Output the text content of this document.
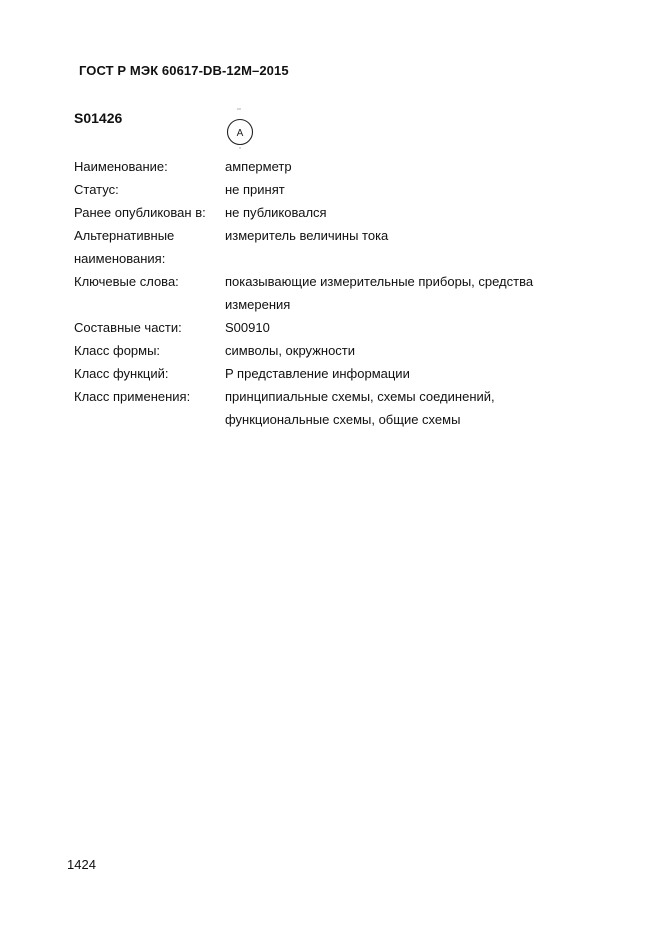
ГОСТ Р МЭК 60617-DB-12M–2015
S01426
A
Наименование:	амперметр
Статус:	не принят
Ранее опубликован в:	не публиковался
Альтернативные наименования:	измеритель величины тока
Ключевые слова:	показывающие измерительные приборы, средства измерения
Составные части:	S00910
Класс формы:	символы, окружности
Класс функций:	P представление информации
Класс применения:	принципиальные схемы, схемы соединений, функциональные схемы, общие схемы
1424
